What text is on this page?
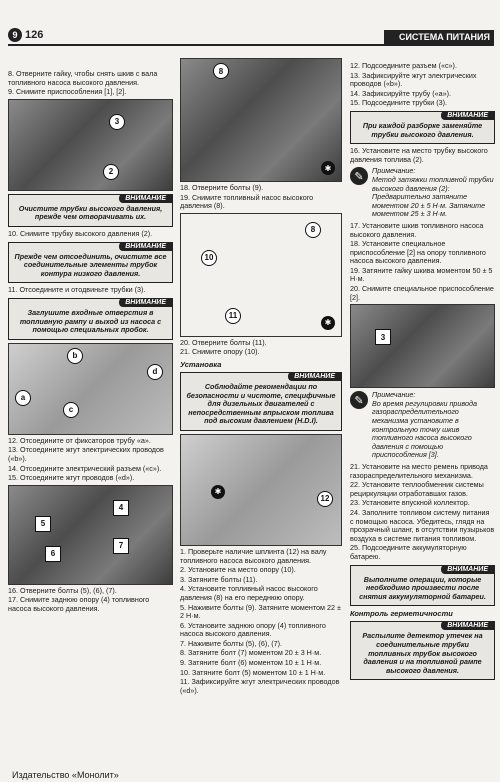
9 126	СИСТЕМА ПИТАНИЯ

8. Отверните гайку, чтобы снять шкив с вала топливного насоса высокого давления.

9. Снимите приспособления [1], [2].

3
2
ВНИМАНИЕ
Очистите трубки высокого давления, прежде чем отворачивать их.

10. Снимите трубку высокого давления (2).

ВНИМАНИЕ
Прежде чем отсоединить, очистите все соединительные элементы трубок контура низкого давления.

11. Отсоедините и отодвиньте трубки (3).

ВНИМАНИЕ
Заглушите входные отверстия в топливную рампу и выход из насоса с помощью специальных пробок.
b
a
c
d

12. Отсоедините от фиксаторов трубу «а».

13. Отсоедините жгут электрических проводов («b»).

14. Отсоедините электрический разъем («c»).

15. Отсоедините жгут проводов («d»).

5
4
6
7

16. Отверните болты (5), (6), (7).

17. Снимите заднюю опору (4) топливного насоса высокого давления.

8
✱

18. Отверните болты (9).

19. Снимите топливный насос высокого давления (8).

8
10
11
✱

20. Отверните болты (11).

21. Снимите опору (10).

Установка
ВНИМАНИЕ
Соблюдайте рекомендации по безопасности и чистоте, специфичные для дизельных двигателей с непосредственным впрыском топлива под высоким давлением (H.D.I).
12
✱

1. Проверьте наличие шплинта (12) на валу топливного насоса высокого давления.

2. Установите на место опору (10).

3. Затяните болты (11).

4. Установите топливный насос высокого давления (8) на его переднюю опору.

5. Наживите болты (9). Затяните моментом 22 ± 2 Н·м.

6. Установите заднюю опору (4) топливного насоса высокого давления.

7. Наживите болты (5), (6), (7).

8. Затяните болт (7) моментом 20 ± 3 Н·м.

9. Затяните болт (6) моментом 10 ± 1 Н·м.

10. Затяните болт (5) моментом 10 ± 1 Н·м.

11. Зафиксируйте жгут электрических проводов («d»).

12. Подсоедините разъем («c»).

13. Зафиксируйте жгут электрических проводов («b»).

14. Зафиксируйте трубу («а»).

15. Подсоедините трубки (3).

ВНИМАНИЕ
При каждой разборке заменяйте трубки высокого давления.

16. Установите на место трубку высокого давления топлива (2).

✎	Примечание:
Метод затяжки топливной трубки высокого давления (2): Предварительно затяните моментом 20 ± 5 Н·м. Затяните моментом 25 ± 3 Н·м.

17. Установите шкив топливного насоса высокого давления.

18. Установите специальное приспособление [2] на опору топливного насоса высокого давления.

19. Затяните гайку шкива моментом 50 ± 5 Н·м.

20. Снимите специальное приспособление [2].

3
✎	Примечание:
Во время регулировки привода газораспределительного механизма установите в контрольную точку шкив топливного насоса высокого давления с помощью приспособления [3].

21. Установите на место ремень привода газораспределительного механизма.

22. Установите теплообменник системы рециркуляции отработавших газов.

23. Установите впускной коллектор.

24. Заполните топливом систему питания с помощью насоса. Убедитесь, глядя на прозрачный шланг, в отсутствии пузырьков воздуха в системе питания топливом.

25. Подсоедините аккумуляторную батарею.

ВНИМАНИЕ
Выполните операции, которые необходимо произвести после снятия аккумуляторной батареи.
Контроль герметичности
ВНИМАНИЕ
Распылите детектор утечек на соединительные трубки топливных трубок высокого давления и на топливной рампе высокого давления.
Издательство «Монолит»
